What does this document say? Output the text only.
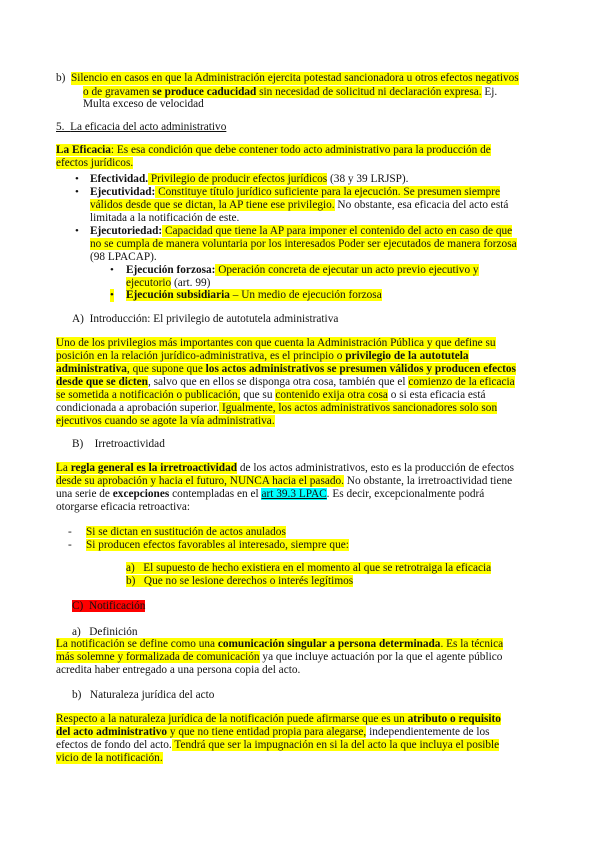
b) Silencio en casos en que la Administración ejercita potestad sancionadora u otros efectos negativos
o de gravamen se produce caducidad sin necesidad de solicitud ni declaración expresa. Ej.
Multa exceso de velocidad
5. La eficacia del acto administrativo
La Eficacia: Es esa condición que debe contener todo acto administrativo para la producción de
efectos jurídicos.
• Efectividad. Privilegio de producir efectos jurídicos (38 y 39 LRJSP).
• Ejecutividad: Constituye título jurídico suficiente para la ejecución. Se presumen siempre
válidos desde que se dictan, la AP tiene ese privilegio. No obstante, esa eficacia del acto está
limitada a la notificación de este.
• Ejecutoriedad: Capacidad que tiene la AP para imponer el contenido del acto en caso de que
no se cumpla de manera voluntaria por los interesados Poder ser ejecutados de manera forzosa
(98 LPACAP).
• Ejecución forzosa: Operación concreta de ejecutar un acto previo ejecutivo y
ejecutorio (art. 99)
• Ejecución subsidiaria – Un medio de ejecución forzosa
A) Introducción: El privilegio de autotutela administrativa
Uno de los privilegios más importantes con que cuenta la Administración Pública y que define su
posición en la relación jurídico-administrativa, es el principio o privilegio de la autotutela
administrativa, que supone que los actos administrativos se presumen válidos y producen efectos
desde que se dicten, salvo que en ellos se disponga otra cosa, también que el comienzo de la eficacia
se sometida a notificación o publicación, que su contenido exija otra cosa o si esta eficacia está
condicionada a aprobación superior. Igualmente, los actos administrativos sancionadores solo son
ejecutivos cuando se agote la vía administrativa.
B) Irretroactividad
La regla general es la irretroactividad de los actos administrativos, esto es la producción de efectos
desde su aprobación y hacia el futuro, NUNCA hacia el pasado. No obstante, la irretroactividad tiene
una serie de excepciones contempladas en el art 39.3 LPAC. Es decir, excepcionalmente podrá
otorgarse eficacia retroactiva:
- Si se dictan en sustitución de actos anulados
- Si producen efectos favorables al interesado, siempre que:
a) El supuesto de hecho existiera en el momento al que se retrotraiga la eficacia
b) Que no se lesione derechos o interés legítimos
C) Notificación
a) Definición
La notificación se define como una comunicación singular a persona determinada. Es la técnica
más solemne y formalizada de comunicación ya que incluye actuación por la que el agente público
acredita haber entregado a una persona copia del acto.
b) Naturaleza jurídica del acto
Respecto a la naturaleza jurídica de la notificación puede afirmarse que es un atributo o requisito
del acto administrativo y que no tiene entidad propia para alegarse, independientemente de los
efectos de fondo del acto. Tendrá que ser la impugnación en si la del acto la que incluya el posible
vicio de la notificación.
